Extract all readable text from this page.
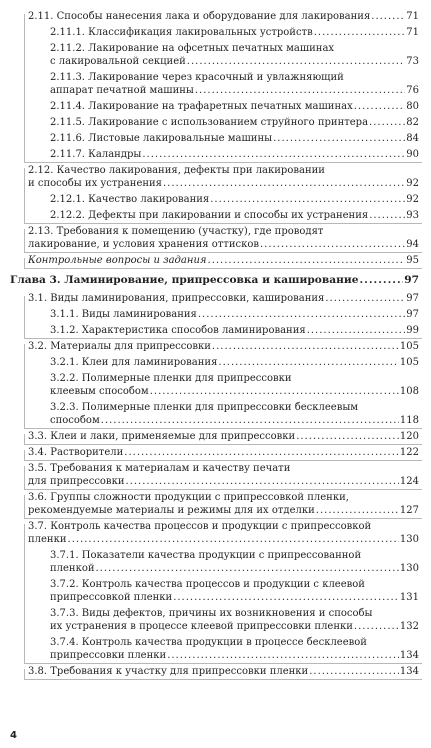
2.11. Способы нанесения лака и оборудование для лакирования .....	71
2.11.1. Классификация лакировальных устройств .....	71
2.11.2. Лакирование на офсетных печатных машинах
с лакировальной секцией .....	73
2.11.3. Лакирование через красочный и увлажняющий
аппарат печатной машины .....	76
2.11.4. Лакирование на трафаретных печатных машинах .....	80
2.11.5. Лакирование с использованием струйного принтера .....	82
2.11.6. Листовые лакировальные машины .....	84
2.11.7. Каландры .....	90
2.12. Качество лакирования, дефекты при лакировании
и способы их устранения .....	92
2.12.1. Качество лакирования .....	92
2.12.2. Дефекты при лакировании и способы их устранения .....	93
2.13. Требования к помещению (участку), где проводят
лакирование, и условия хранения оттисков .....	94
Контрольные вопросы и задания .....	95
Глава 3. Ламинирование, припрессовка и каширование .....	97
3.1. Виды ламинирования, припрессовки, каширования .....	97
3.1.1. Виды ламинирования .....	97
3.1.2. Характеристика способов ламинирования .....	99
3.2. Материалы для припрессовки .....	105
3.2.1. Клеи для ламинирования .....	105
3.2.2. Полимерные пленки для припрессовки
клеевым способом .....	108
3.2.3. Полимерные пленки для припрессовки бесклеевым
способом .....	118
3.3. Клеи и лаки, применяемые для припрессовки .....	120
3.4. Растворители .....	122
3.5. Требования к материалам и качеству печати
для припрессовки .....	124
3.6. Группы сложности продукции с припрессовкой пленки,
рекомендуемые материалы и режимы для их отделки .....	127
3.7. Контроль качества процессов и продукции с припрессовкой
пленки .....	130
3.7.1. Показатели качества продукции с припрессованной
пленкой .....	130
3.7.2. Контроль качества процессов и продукции с клеевой
припрессовкой пленки .....	131
3.7.3. Виды дефектов, причины их возникновения и способы
их устранения в процессе клеевой припрессовки пленки .....	132
3.7.4. Контроль качества продукции в процессе бесклеевой
припрессовки пленки .....	134
3.8. Требования к участку для припрессовки пленки .....	134
4
